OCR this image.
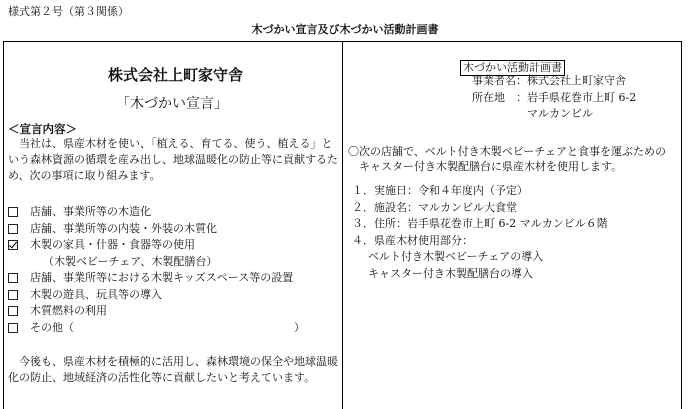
様式第２号（第３関係）
木づかい宣言及び木づかい活動計画書
株式会社上町家守舎
「木づかい宣言」
＜宣言内容＞
　当社は、県産木材を使い、「植える、育てる、使う、植える」という森林資源の循環を産み出し、地球温暖化の防止等に貢献するため、次の事項に取り組みます。
店舗、事業所等の木造化
店舗、事業所等の内装・外装の木質化
木製の家具・什器・食器等の使用
（木製ベビーチェア、木製配膳台）
店舗、事業所等における木製キッズスペース等の設置
木製の遊具、玩具等の導入
木質燃料の利用
その他（　　　　　　　　　　　　　　　　　　　　）
　今後も、県産木材を積極的に活用し、森林環境の保全や地球温暖化の防止、地域経済の活性化等に貢献したいと考えています。
木づかい活動計画書
事業者名：株式会社上町家守舎
所在地　：岩手県花巻市上町 6-2
　　　　　マルカンビル
〇次の店舗で、ベルト付き木製ベビーチェアと食事を運ぶための
　キャスター付き木製配膳台に県産木材を使用します。
１．実施日：令和４年度内（予定）
２．施設名：マルカンビル大食堂
３．住所：岩手県花巻市上町 6-2 マルカンビル６階
４．県産木材使用部分：
ベルト付き木製ベビーチェアの導入
キャスター付き木製配膳台の導入
